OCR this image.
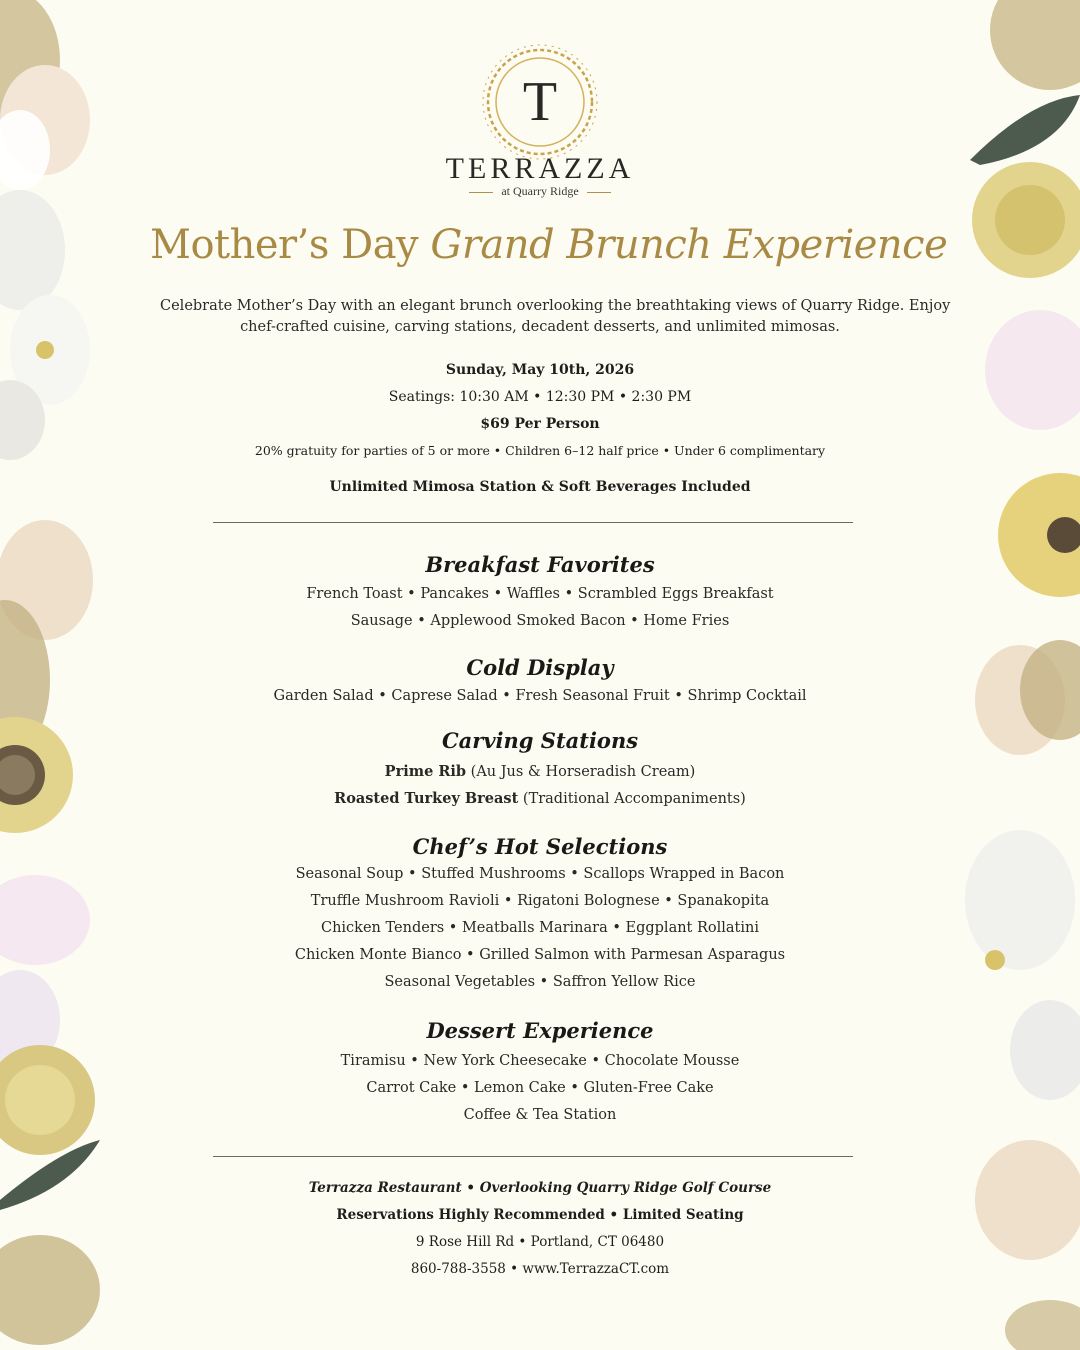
T
TERRAZZA
at Quarry Ridge
Mother’s Day Grand Brunch Experience
Celebrate Mother’s Day with an elegant brunch overlooking the breathtaking views of Quarry Ridge. Enjoy
chef-crafted cuisine, carving stations, decadent desserts, and unlimited mimosas.
Sunday, May 10th, 2026
Seatings: 10:30 AM • 12:30 PM • 2:30 PM
$69 Per Person
20% gratuity for parties of 5 or more • Children 6–12 half price • Under 6 complimentary
Unlimited Mimosa Station & Soft Beverages Included
Breakfast Favorites
French Toast • Pancakes • Waffles • Scrambled Eggs Breakfast
Sausage • Applewood Smoked Bacon • Home Fries
Cold Display
Garden Salad • Caprese Salad • Fresh Seasonal Fruit • Shrimp Cocktail
Carving Stations
Prime Rib (Au Jus & Horseradish Cream)
Roasted Turkey Breast (Traditional Accompaniments)
Chef’s Hot Selections
Seasonal Soup • Stuffed Mushrooms • Scallops Wrapped in Bacon
Truffle Mushroom Ravioli • Rigatoni Bolognese • Spanakopita
Chicken Tenders • Meatballs Marinara • Eggplant Rollatini
Chicken Monte Bianco • Grilled Salmon with Parmesan Asparagus
Seasonal Vegetables • Saffron Yellow Rice
Dessert Experience
Tiramisu • New York Cheesecake • Chocolate Mousse
Carrot Cake • Lemon Cake • Gluten-Free Cake
Coffee & Tea Station
Terrazza Restaurant • Overlooking Quarry Ridge Golf Course
Reservations Highly Recommended • Limited Seating
9 Rose Hill Rd • Portland, CT 06480
860-788-3558 • www.TerrazzaCT.com
